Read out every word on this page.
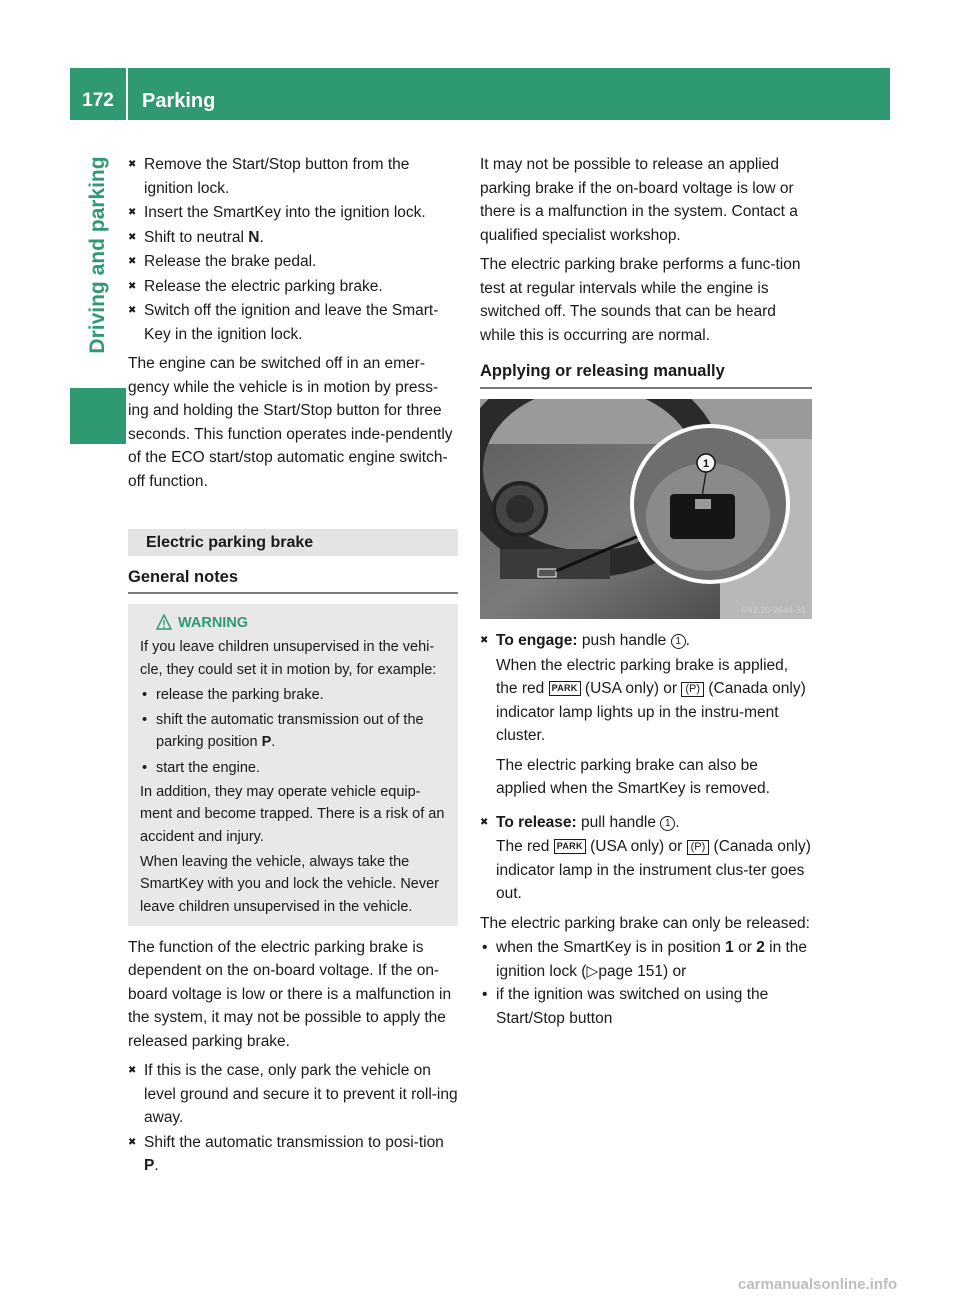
172	Parking
Driving and parking
✖	Remove the Start/Stop button from the ignition lock.
✖ Insert the SmartKey into the ignition lock.
✖ Shift to neutral N.
✖ Release the brake pedal.
✖ Release the electric parking brake.
✖ Switch off the ignition and leave the Smart-Key in the ignition lock.
The engine can be switched off in an emer-gency while the vehicle is in motion by press-ing and holding the Start/Stop button for three seconds. This function operates inde-pendently of the ECO start/stop automatic engine switch-off function.
Electric parking brake
General notes
WARNING
If you leave children unsupervised in the vehi-cle, they could set it in motion by, for example:
• release the parking brake.
• shift the automatic transmission out of the parking position P.
• start the engine.
In addition, they may operate vehicle equip-ment and become trapped. There is a risk of an accident and injury.
When leaving the vehicle, always take the SmartKey with you and lock the vehicle. Never leave children unsupervised in the vehicle.
The function of the electric parking brake is dependent on the on-board voltage. If the on-board voltage is low or there is a malfunction in the system, it may not be possible to apply the released parking brake.
✖ If this is the case, only park the vehicle on level ground and secure it to prevent it roll-ing away.
✖ Shift the automatic transmission to posi-tion P.
It may not be possible to release an applied parking brake if the on-board voltage is low or there is a malfunction in the system. Contact a qualified specialist workshop.
The electric parking brake performs a func-tion test at regular intervals while the engine is switched off. The sounds that can be heard while this is occurring are normal.
Applying or releasing manually
1
P42.20-2644-31
✖ To engage: push handle 1 .
When the electric parking brake is applied, the red PARK (USA only) or (P) (Canada only) indicator lamp lights up in the instru-ment cluster.
The electric parking brake can also be applied when the SmartKey is removed.
✖ To release: pull handle 1 .
The red PARK (USA only) or (P) (Canada only) indicator lamp in the instrument clus-ter goes out.
The electric parking brake can only be released:
• when the SmartKey is in position 1 or 2 in the ignition lock (▷page 151) or
• if the ignition was switched on using the Start/Stop button
carmanualsonline.info
